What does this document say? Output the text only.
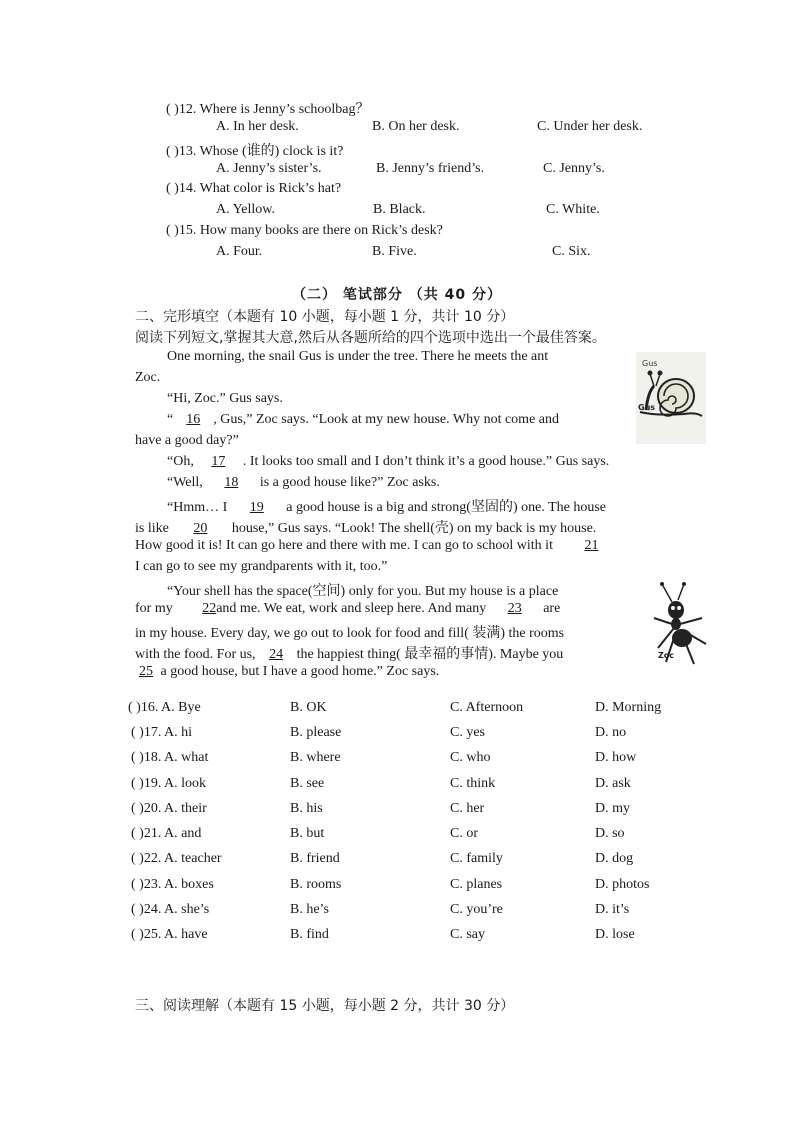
( )12. Where is Jenny’s schoolbag？
A. In her desk.	B. On her desk.	C. Under her desk.
( )13. Whose (谁的) clock is it?
A. Jenny’s sister’s.	B. Jenny’s friend’s.	C. Jenny’s.
( )14. What color is Rick’s hat?
A. Yellow.	B. Black.	C. White.
( )15. How many books are there on Rick’s desk?
A. Four.	B. Five.	C. Six.
（二） 笔试部分 （共 40 分）
二、完形填空（本题有 10 小题，每小题 1 分，共计 10 分）
阅读下列短文,掌握其大意,然后从各题所给的四个选项中选出一个最佳答案。
One morning, the snail Gus is under the tree. There he meets the ant
Zoc.
“Hi, Zoc.” Gus says.
“ 16 , Gus,” Zoc says. “Look at my new house. Why not come and
have a good day?”
“Oh, 17 . It looks too small and I don’t think it’s a good house.” Gus says.
“Well, 18 is a good house like?” Zoc asks.
“Hmm… I 19 a good house is a big and strong(坚固的) one. The house
is like 20 house,” Gus says. “Look! The shell(壳) on my back is my house.
How good it is! It can go here and there with me. I can go to school with it 21
I can go to see my grandparents with it, too.”
“Your shell has the space(空间) only for you. But my house is a place
for my 22and me. We eat, work and sleep here. And many 23 are
in my house. Every day, we go out to look for food and fill( 装满) the rooms
with the food. For us, 24 the happiest thing( 最幸福的事情). Maybe you
25 a good house, but I have a good home.” Zoc says.
Gus
Gus
Zoc
( )16. A. Bye	B. OK	C. Afternoon	D. Morning
( )17. A. hi	B. please	C. yes	D. no
( )18. A. what	B. where	C. who	D. how
( )19. A. look	B. see	C. think	D. ask
( )20. A. their	B. his	C. her	D. my
( )21. A. and	B. but	C. or	D. so
( )22. A. teacher	B. friend	C. family	D. dog
( )23. A. boxes	B. rooms	C. planes	D. photos
( )24. A. she’s	B. he’s	C. you’re	D. it’s
( )25. A. have	B. find	C. say	D. lose
三、阅读理解（本题有 15 小题，每小题 2 分，共计 30 分）
